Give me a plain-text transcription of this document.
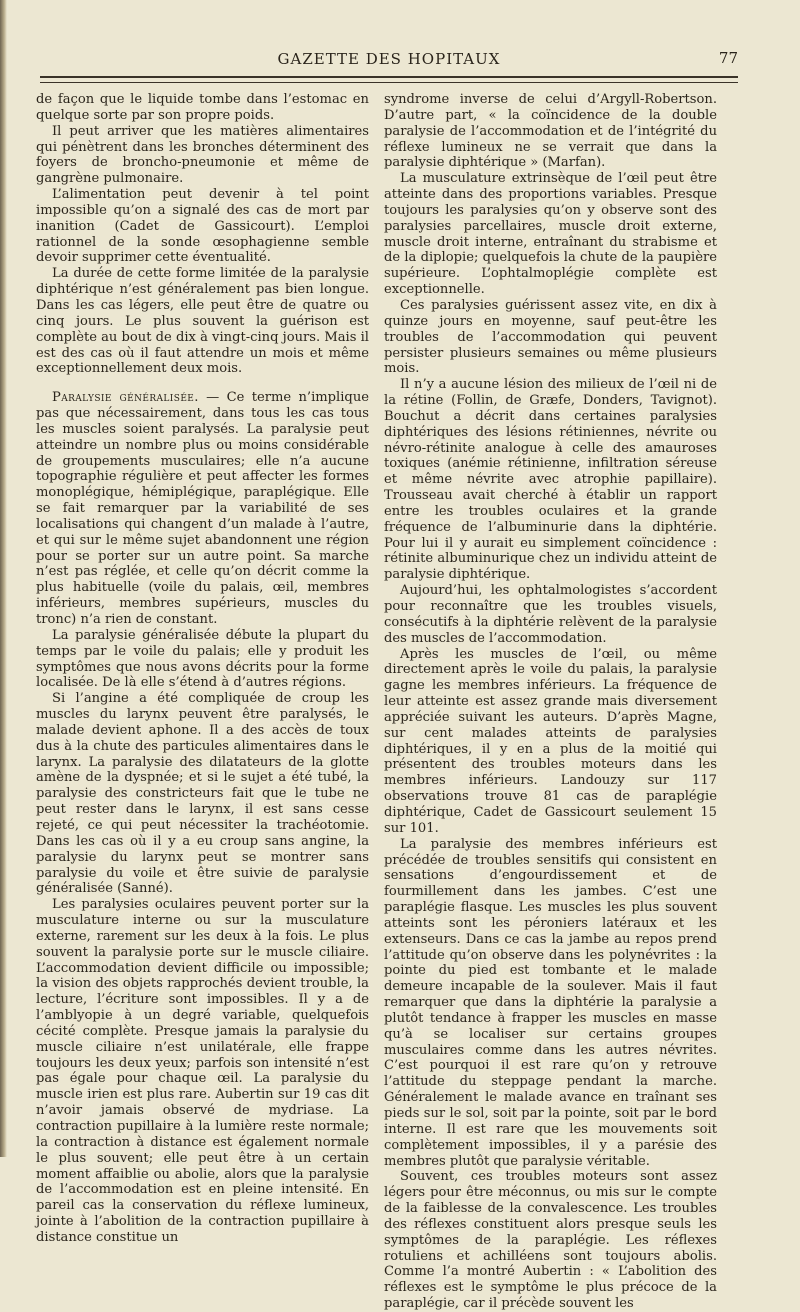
GAZETTE DES HOPITAUX	77

de façon que le liquide tombe dans l’estomac en quelque sorte par son propre poids.

Il peut arriver que les matières alimentaires qui pénètrent dans les bronches déterminent des foyers de broncho-pneumonie et même de gangrène pulmonaire.

L’alimentation peut devenir à tel point impossible qu’on a signalé des cas de mort par inanition (Cadet de Gassicourt). L’emploi rationnel de la sonde œsophagienne semble devoir supprimer cette éventualité.

La durée de cette forme limitée de la paralysie diphtérique n’est généralement pas bien longue. Dans les cas légers, elle peut être de quatre ou cinq jours. Le plus souvent la guérison est complète au bout de dix à vingt-cinq jours. Mais il est des cas où il faut attendre un mois et même exceptionnellement deux mois.

Paralysie généralisée. — Ce terme n’implique pas que nécessairement, dans tous les cas tous les muscles soient paralysés. La paralysie peut atteindre un nombre plus ou moins considérable de groupements musculaires; elle n’a aucune topographie régulière et peut affecter les formes monoplégique, hémiplégique, paraplégique. Elle se fait remarquer par la variabilité de ses localisations qui changent d’un malade à l’autre, et qui sur le même sujet abandonnent une région pour se porter sur un autre point. Sa marche n’est pas réglée, et celle qu’on décrit comme la plus habituelle (voile du palais, œil, membres inférieurs, membres supérieurs, muscles du tronc) n’a rien de constant.

La paralysie généralisée débute la plupart du temps par le voile du palais; elle y produit les symptômes que nous avons décrits pour la forme localisée. De là elle s’étend à d’autres régions.

Si l’angine a été compliquée de croup les muscles du larynx peuvent être paralysés, le malade devient aphone. Il a des accès de toux dus à la chute des particules alimentaires dans le larynx. La paralysie des dilatateurs de la glotte amène de la dyspnée; et si le sujet a été tubé, la paralysie des constricteurs fait que le tube ne peut rester dans le larynx, il est sans cesse rejeté, ce qui peut nécessiter la trachéotomie. Dans les cas où il y a eu croup sans angine, la paralysie du larynx peut se montrer sans paralysie du voile et être suivie de paralysie généralisée (Sanné).

Les paralysies oculaires peuvent porter sur la musculature interne ou sur la musculature externe, rarement sur les deux à la fois. Le plus souvent la paralysie porte sur le muscle ciliaire. L’accommodation devient difficile ou impossible; la vision des objets rapprochés devient trouble, la lecture, l’écriture sont impossibles. Il y a de l’amblyopie à un degré variable, quelquefois cécité complète. Presque jamais la paralysie du muscle ciliaire n’est unilatérale, elle frappe toujours les deux yeux; parfois son intensité n’est pas égale pour chaque œil. La paralysie du muscle irien est plus rare. Aubertin sur 19 cas dit n’avoir jamais observé de mydriase. La contraction pupillaire à la lumière reste normale; la contraction à distance est également normale le plus souvent; elle peut être à un certain moment affaiblie ou abolie, alors que la paralysie de l’accommodation est en pleine intensité. En pareil cas la conservation du réflexe lumineux, jointe à l’abolition de la contraction pupillaire à distance constitue un

syndrome inverse de celui d’Argyll-Robertson. D’autre part, « la coïncidence de la double paralysie de l’accommodation et de l’intégrité du réflexe lumineux ne se verrait que dans la paralysie diphtérique » (Marfan).

La musculature extrinsèque de l’œil peut être atteinte dans des proportions variables. Presque toujours les paralysies qu’on y observe sont des paralysies parcellaires, muscle droit externe, muscle droit interne, entraînant du strabisme et de la diplopie; quelquefois la chute de la paupière supérieure. L’ophtalmoplégie complète est exceptionnelle.

Ces paralysies guérissent assez vite, en dix à quinze jours en moyenne, sauf peut-être les troubles de l’accommodation qui peuvent persister plusieurs semaines ou même plusieurs mois.

Il n’y a aucune lésion des milieux de l’œil ni de la rétine (Follin, de Græfe, Donders, Tavignot). Bouchut a décrit dans certaines paralysies diphtériques des lésions rétiniennes, névrite ou névro-rétinite analogue à celle des amauroses toxiques (anémie rétinienne, infiltration séreuse et même névrite avec atrophie papillaire). Trousseau avait cherché à établir un rapport entre les troubles oculaires et la grande fréquence de l’albuminurie dans la diphtérie. Pour lui il y aurait eu simplement coïncidence : rétinite albuminurique chez un individu atteint de paralysie diphtérique.

Aujourd’hui, les ophtalmologistes s’accordent pour reconnaître que les troubles visuels, consécutifs à la diphtérie relèvent de la paralysie des muscles de l’accommodation.

Après les muscles de l’œil, ou même directement après le voile du palais, la paralysie gagne les membres inférieurs. La fréquence de leur atteinte est assez grande mais diversement appréciée suivant les auteurs. D’après Magne, sur cent malades atteints de paralysies diphtériques, il y en a plus de la moitié qui présentent des troubles moteurs dans les membres inférieurs. Landouzy sur 117 observations trouve 81 cas de paraplégie diphtérique, Cadet de Gassicourt seulement 15 sur 101.

La paralysie des membres inférieurs est précédée de troubles sensitifs qui consistent en sensations d’engourdissement et de fourmillement dans les jambes. C’est une paraplégie flasque. Les muscles les plus souvent atteints sont les péroniers latéraux et les extenseurs. Dans ce cas la jambe au repos prend l’attitude qu’on observe dans les polynévrites : la pointe du pied est tombante et le malade demeure incapable de la soulever. Mais il faut remarquer que dans la diphtérie la paralysie a plutôt tendance à frapper les muscles en masse qu’à se localiser sur certains groupes musculaires comme dans les autres névrites. C’est pourquoi il est rare qu’on y retrouve l’attitude du steppage pendant la marche. Généralement le malade avance en traînant ses pieds sur le sol, soit par la pointe, soit par le bord interne. Il est rare que les mouvements soit complètement impossibles, il y a parésie des membres plutôt que paralysie véritable.

Souvent, ces troubles moteurs sont assez légers pour être méconnus, ou mis sur le compte de la faiblesse de la convalescence. Les troubles des réflexes constituent alors presque seuls les symptômes de la paraplégie. Les réflexes rotuliens et achilléens sont toujours abolis. Comme l’a montré Aubertin : « L’abolition des réflexes est le symptôme le plus précoce de la paraplégie, car il précède souvent les
